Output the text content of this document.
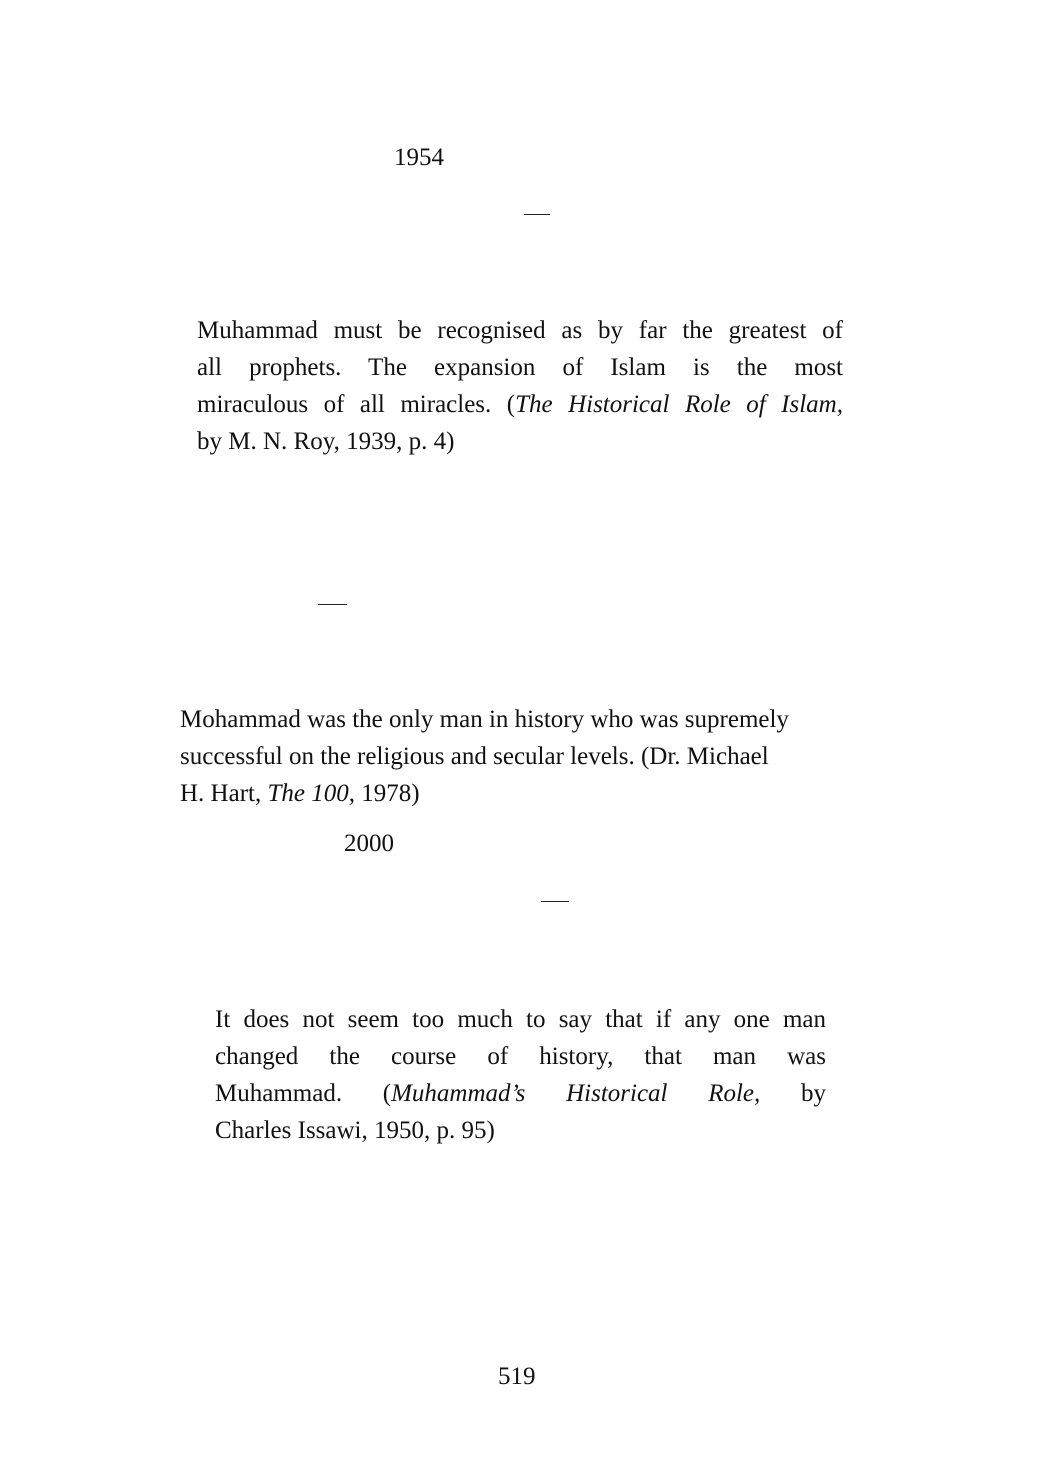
1954
Muhammad must be recognised as by far the greatest of
all prophets. The expansion of Islam is the most
miraculous of all miracles. (The Historical Role of Islam,
by M. N. Roy, 1939, p. 4)
Mohammad was the only man in history who was supremely
successful on the religious and secular levels. (Dr. Michael
H. Hart, The 100, 1978)
2000
It does not seem too much to say that if any one man
changed the course of history, that man was
Muhammad. (Muhammad’s Historical Role, by
Charles Issawi, 1950, p. 95)
519
